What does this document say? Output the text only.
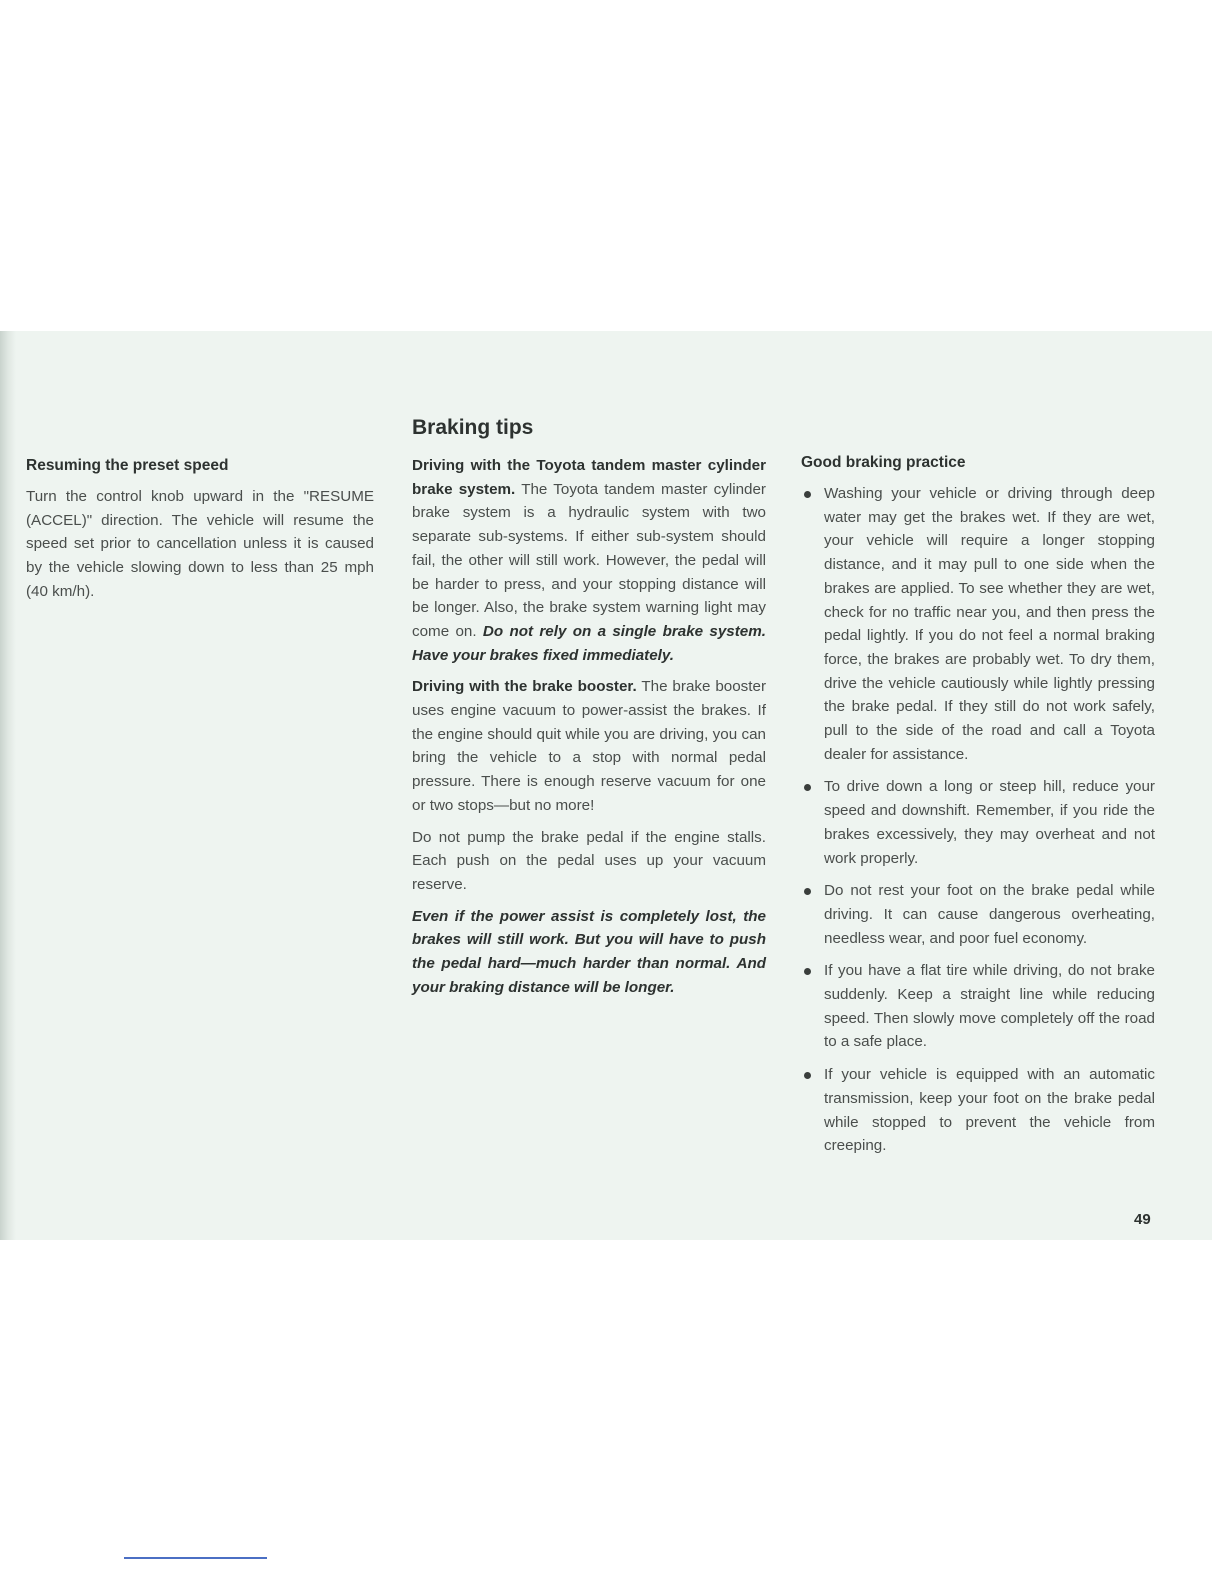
Resuming the preset speed

Turn the control knob upward in the "RESUME (ACCEL)" direction. The vehicle will resume the speed set prior to cancellation unless it is caused by the vehicle slowing down to less than 25 mph (40 km/h).

Braking tips

Driving with the Toyota tandem master cylinder brake system. The Toyota tandem master cylinder brake system is a hydraulic system with two separate sub-systems. If either sub-system should fail, the other will still work. However, the pedal will be harder to press, and your stopping distance will be longer. Also, the brake system warning light may come on. Do not rely on a single brake system. Have your brakes fixed immediately.

Driving with the brake booster. The brake booster uses engine vacuum to power-assist the brakes. If the engine should quit while you are driving, you can bring the vehicle to a stop with normal pedal pressure. There is enough reserve vacuum for one or two stops—but no more!

Do not pump the brake pedal if the engine stalls. Each push on the pedal uses up your vacuum reserve.

Even if the power assist is completely lost, the brakes will still work. But you will have to push the pedal hard—much harder than normal. And your braking distance will be longer.

Good braking practice
Washing your vehicle or driving through deep water may get the brakes wet. If they are wet, your vehicle will require a longer stopping distance, and it may pull to one side when the brakes are applied. To see whether they are wet, check for no traffic near you, and then press the pedal lightly. If you do not feel a normal braking force, the brakes are probably wet. To dry them, drive the vehicle cautiously while lightly pressing the brake pedal. If they still do not work safely, pull to the side of the road and call a Toyota dealer for assistance.
To drive down a long or steep hill, reduce your speed and downshift. Remember, if you ride the brakes excessively, they may overheat and not work properly.
Do not rest your foot on the brake pedal while driving. It can cause dangerous overheating, needless wear, and poor fuel economy.
If you have a flat tire while driving, do not brake suddenly. Keep a straight line while reducing speed. Then slowly move completely off the road to a safe place.
If your vehicle is equipped with an automatic transmission, keep your foot on the brake pedal while stopped to prevent the vehicle from creeping.
49
